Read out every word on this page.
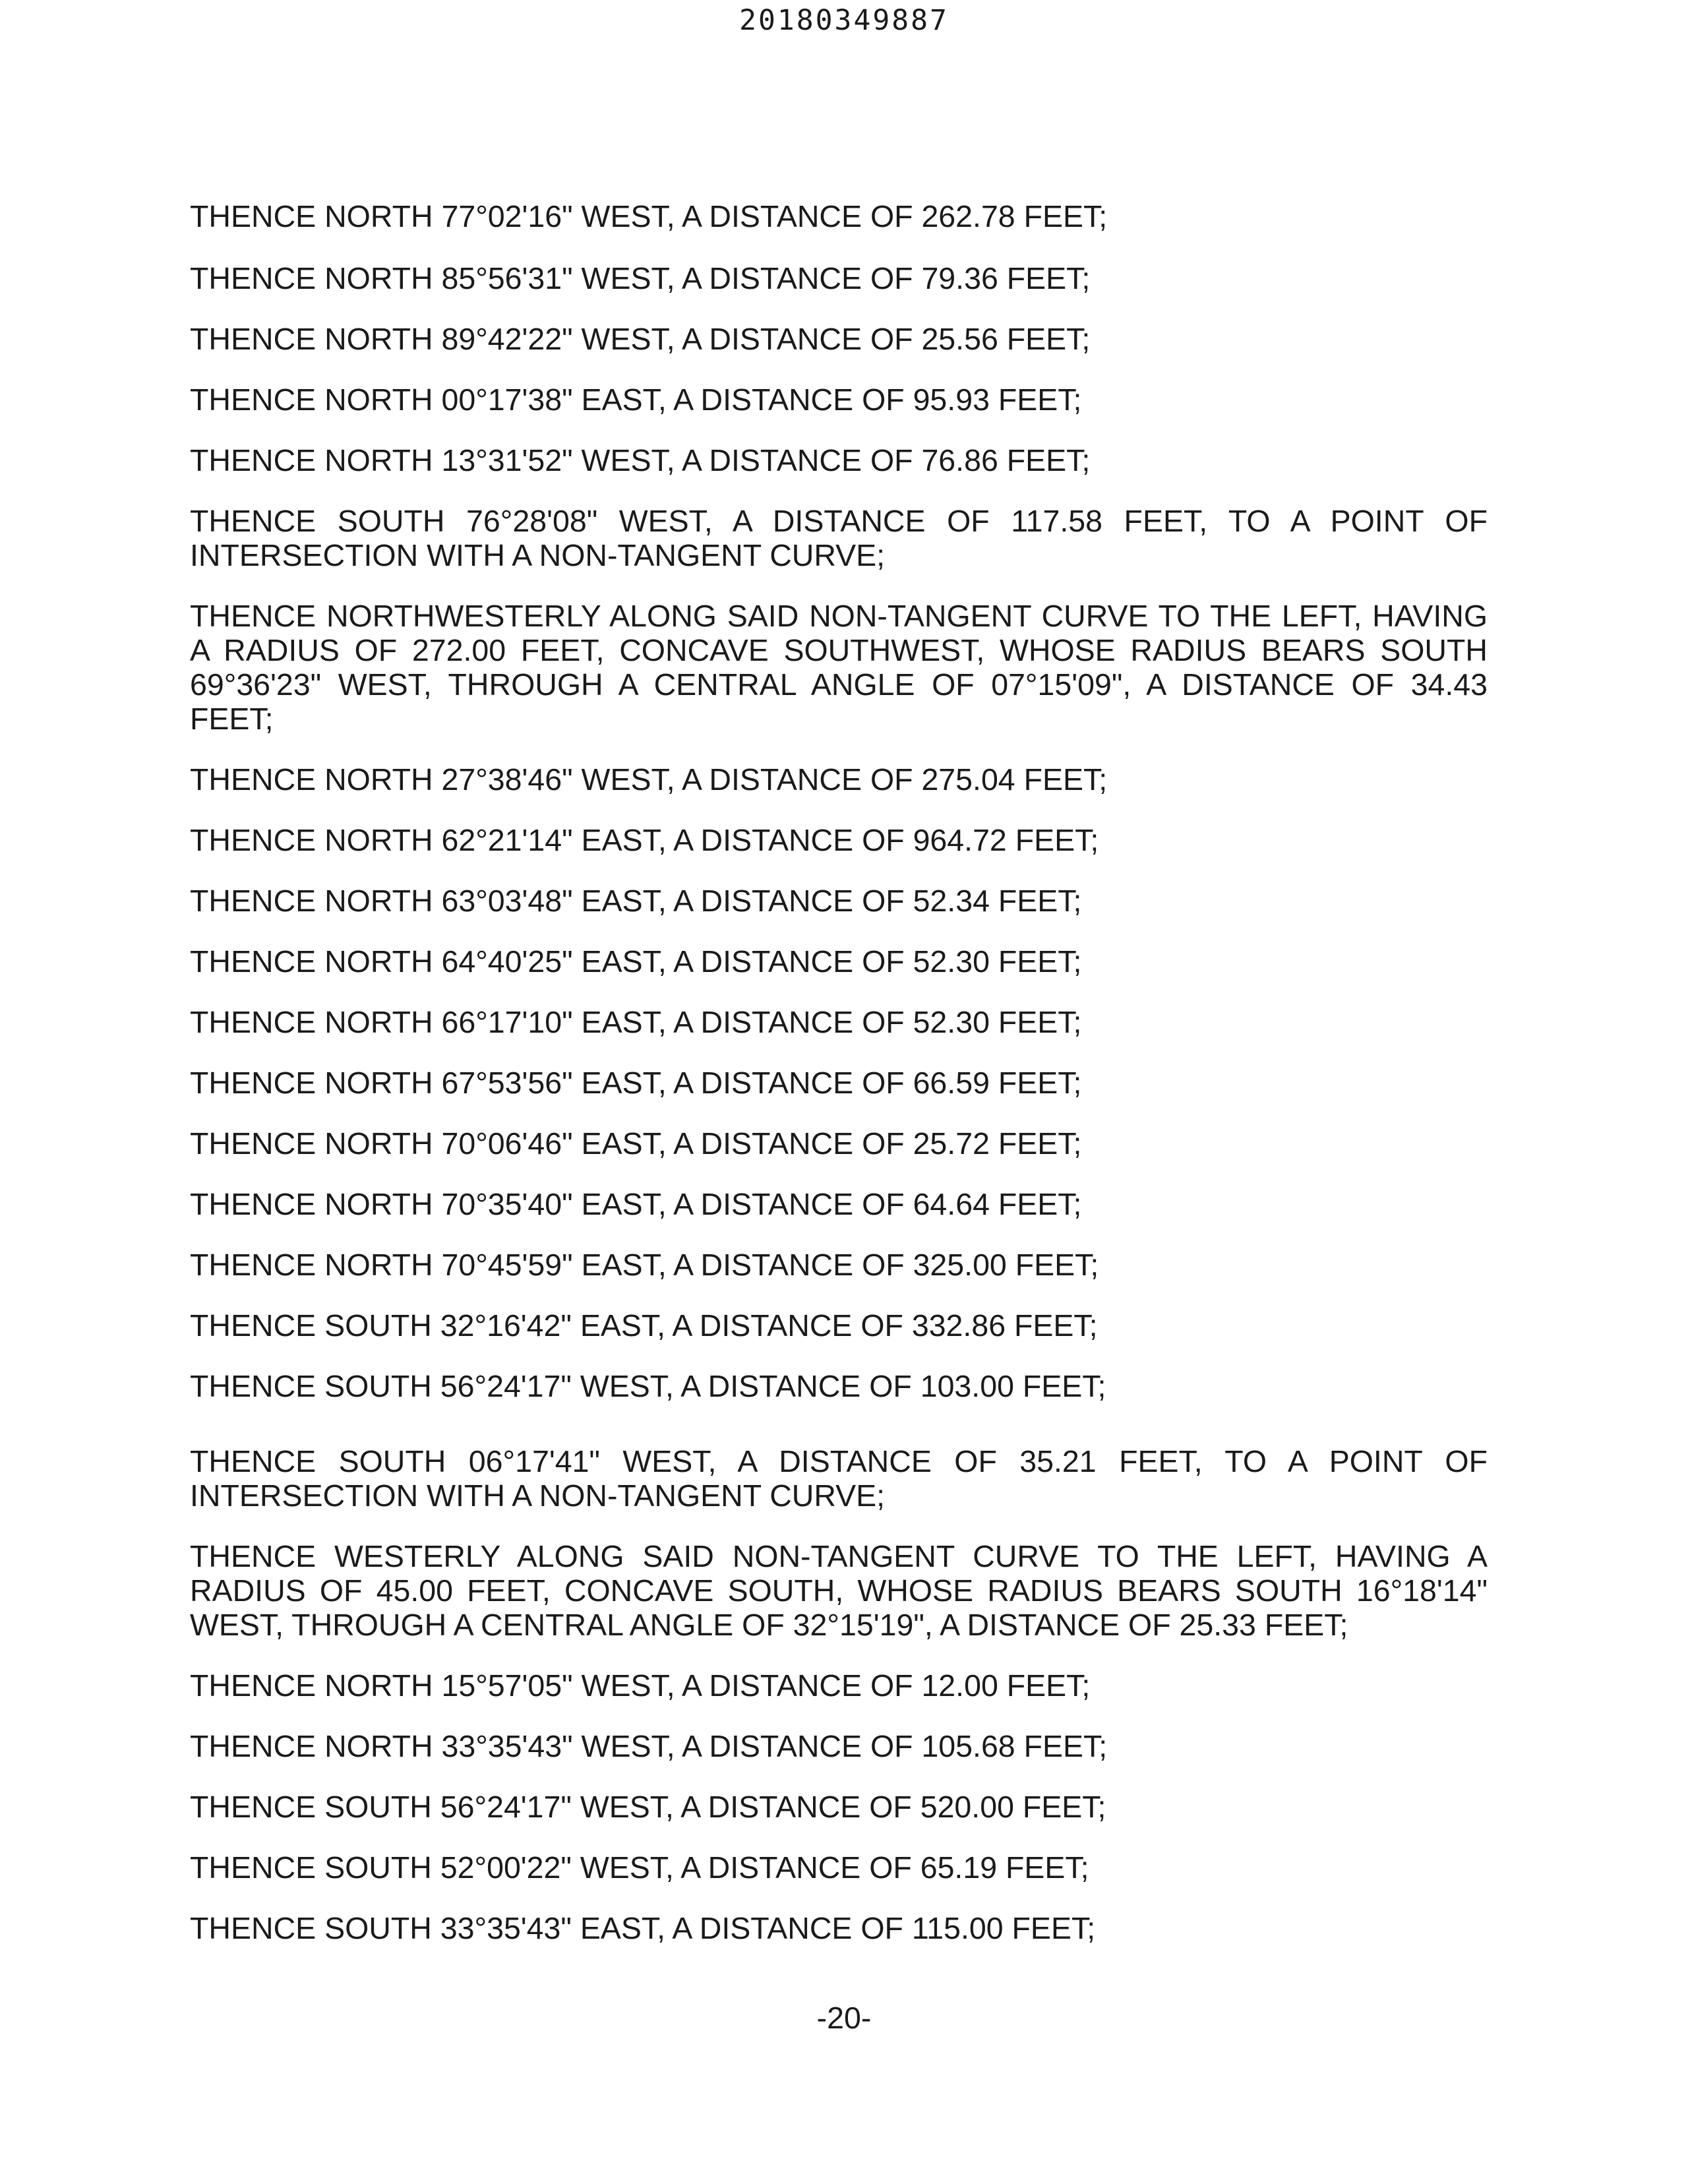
20180349887

THENCE NORTH 77°02'16" WEST, A DISTANCE OF 262.78 FEET;

THENCE NORTH 85°56'31" WEST, A DISTANCE OF 79.36 FEET;

THENCE NORTH 89°42'22" WEST, A DISTANCE OF 25.56 FEET;

THENCE NORTH 00°17'38" EAST, A DISTANCE OF 95.93 FEET;

THENCE NORTH 13°31'52" WEST, A DISTANCE OF 76.86 FEET;

THENCE SOUTH 76°28'08" WEST, A DISTANCE OF 117.58 FEET, TO A POINT OF INTERSECTION WITH A NON-TANGENT CURVE;

THENCE NORTHWESTERLY ALONG SAID NON-TANGENT CURVE TO THE LEFT, HAVING A RADIUS OF 272.00 FEET, CONCAVE SOUTHWEST, WHOSE RADIUS BEARS SOUTH 69°36'23" WEST, THROUGH A CENTRAL ANGLE OF 07°15'09", A DISTANCE OF 34.43 FEET;

THENCE NORTH 27°38'46" WEST, A DISTANCE OF 275.04 FEET;

THENCE NORTH 62°21'14" EAST, A DISTANCE OF 964.72 FEET;

THENCE NORTH 63°03'48" EAST, A DISTANCE OF 52.34 FEET;

THENCE NORTH 64°40'25" EAST, A DISTANCE OF 52.30 FEET;

THENCE NORTH 66°17'10" EAST, A DISTANCE OF 52.30 FEET;

THENCE NORTH 67°53'56" EAST, A DISTANCE OF 66.59 FEET;

THENCE NORTH 70°06'46" EAST, A DISTANCE OF 25.72 FEET;

THENCE NORTH 70°35'40" EAST, A DISTANCE OF 64.64 FEET;

THENCE NORTH 70°45'59" EAST, A DISTANCE OF 325.00 FEET;

THENCE SOUTH 32°16'42" EAST, A DISTANCE OF 332.86 FEET;

THENCE SOUTH 56°24'17" WEST, A DISTANCE OF 103.00 FEET;

THENCE SOUTH 06°17'41" WEST, A DISTANCE OF 35.21 FEET, TO A POINT OF INTERSECTION WITH A NON-TANGENT CURVE;

THENCE WESTERLY ALONG SAID NON-TANGENT CURVE TO THE LEFT, HAVING A RADIUS OF 45.00 FEET, CONCAVE SOUTH, WHOSE RADIUS BEARS SOUTH 16°18'14" WEST, THROUGH A CENTRAL ANGLE OF 32°15'19", A DISTANCE OF 25.33 FEET;

THENCE NORTH 15°57'05" WEST, A DISTANCE OF 12.00 FEET;

THENCE NORTH 33°35'43" WEST, A DISTANCE OF 105.68 FEET;

THENCE SOUTH 56°24'17" WEST, A DISTANCE OF 520.00 FEET;

THENCE SOUTH 52°00'22" WEST, A DISTANCE OF 65.19 FEET;

THENCE SOUTH 33°35'43" EAST, A DISTANCE OF 115.00 FEET;

-20-
